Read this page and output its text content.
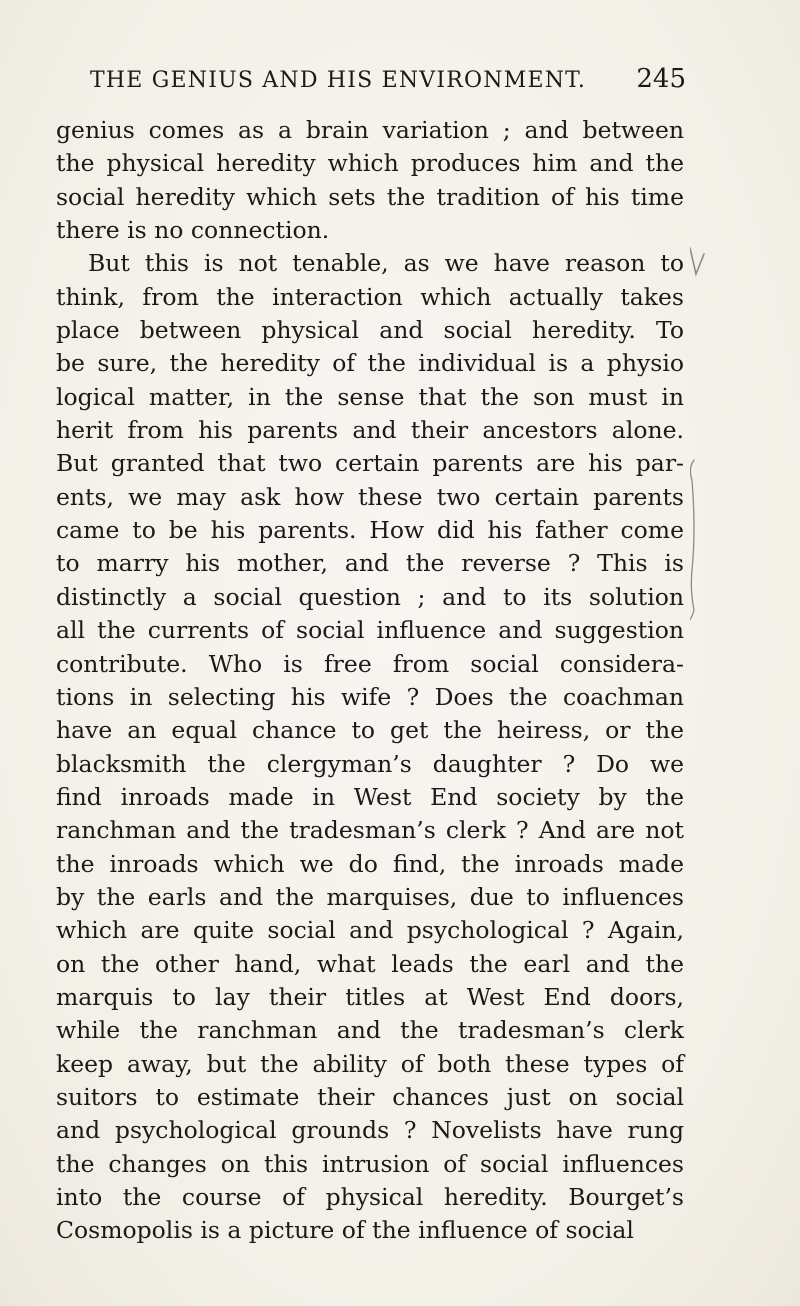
THE GENIUS AND HIS ENVIRONMENT. 245
genius comes as a brain variation ; and between
the physical heredity which produces him and the
social heredity which sets the tradition of his time
there is no connection.
But this is not tenable, as we have reason to
think, from the interaction which actually takes
place between physical and social heredity. To
be sure, the heredity of the individual is a physio
logical matter, in the sense that the son must in
herit from his parents and their ancestors alone.
But granted that two certain parents are his par-
ents, we may ask how these two certain parents
came to be his parents. How did his father come
to marry his mother, and the reverse ? This is
distinctly a social question ; and to its solution
all the currents of social influence and suggestion
contribute. Who is free from social considera-
tions in selecting his wife ? Does the coachman
have an equal chance to get the heiress, or the
blacksmith the clergyman’s daughter ? Do we
find inroads made in West End society by the
ranchman and the tradesman’s clerk ? And are not
the inroads which we do find, the inroads made
by the earls and the marquises, due to influences
which are quite social and psychological ? Again,
on the other hand, what leads the earl and the
marquis to lay their titles at West End doors,
while the ranchman and the tradesman’s clerk
keep away, but the ability of both these types of
suitors to estimate their chances just on social
and psychological grounds ? Novelists have rung
the changes on this intrusion of social influences
into the course of physical heredity. Bourget’s
Cosmopolis is a picture of the influence of social
